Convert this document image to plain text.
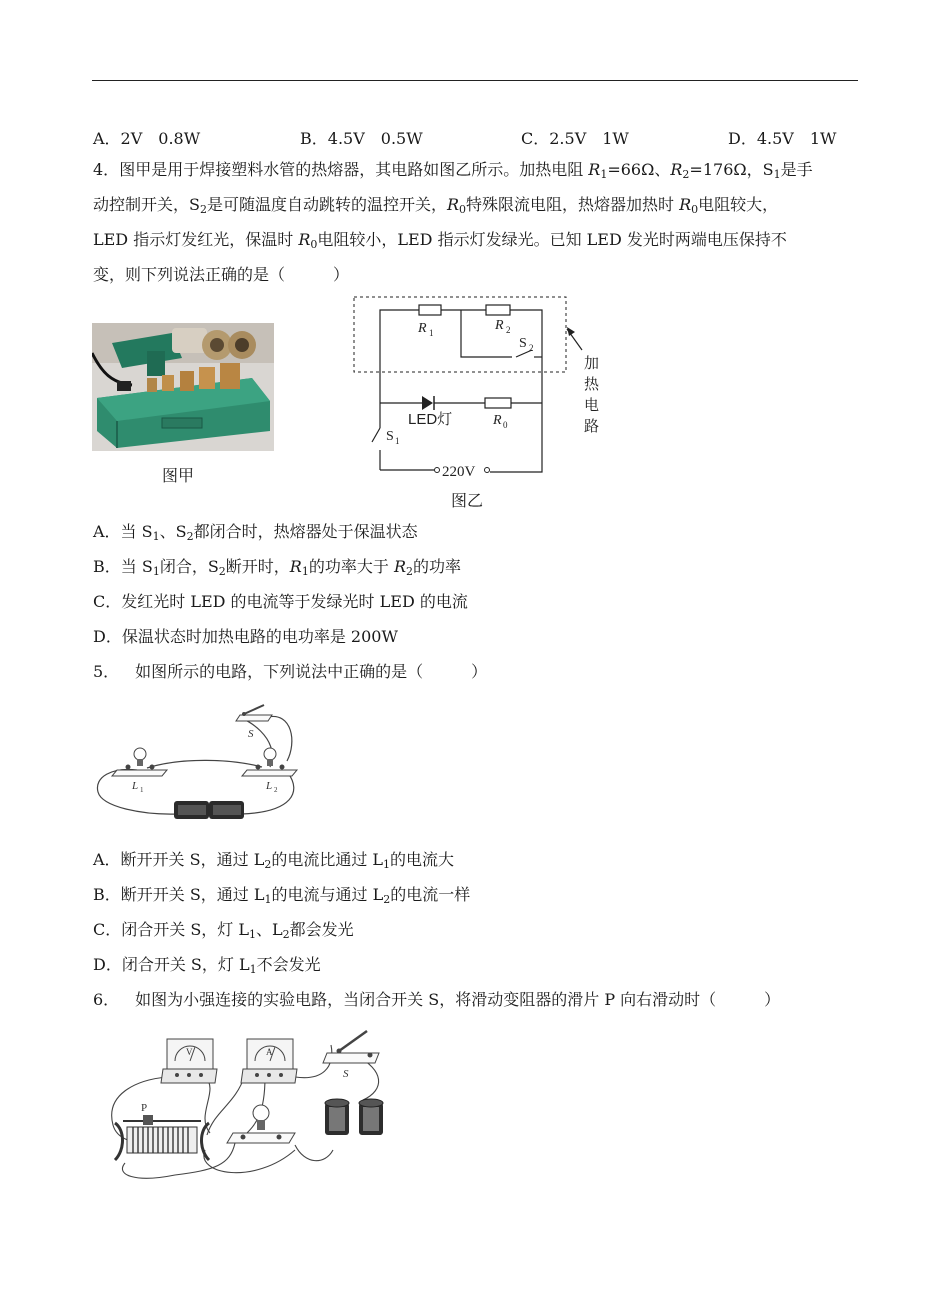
A．2V 0.8W	B．4.5V 0.5W	C．2.5V 1W	D．4.5V 1W
4．图甲是用于焊接塑料水管的热熔器，其电路如图乙所示。加热电阻 $R_1=66\Omega$、$R_2=176\Omega$，$S_1$是手
动控制开关，$S_2$是可随温度自动跳转的温控开关，$R_0$特殊限流电阻，热熔器加热时 $R_0$电阻较大，
LED 指示灯发红光，保温时 $R_0$电阻较小，LED 指示灯发绿光。已知 LED 发光时两端电压保持不
变，则下列说法正确的是（　　　）
图甲
R 1	R 2
S 2
LED灯	R 0
S 1
220V
加
热
电
路
图乙
A．当 $S_1$、$S_2$都闭合时，热熔器处于保温状态
B．当 $S_1$闭合，$S_2$断开时，$R_1$的功率大于 $R_2$的功率
C．发红光时 LED 的电流等于发绿光时 LED 的电流
D．保温状态时加热电路的电功率是 200W
5． 如图所示的电路，下列说法中正确的是（　　　）
L 1	L 2
S
A．断开开关 S，通过 $L_2$的电流比通过 $L_1$的电流大
B．断开开关 S，通过 $L_1$的电流与通过 $L_2$的电流一样
C．闭合开关 S，灯 $L_1$、$L_2$都会发光
D．闭合开关 S，灯 $L_1$不会发光
6． 如图为小强连接的实验电路，当闭合开关 S，将滑动变阻器的滑片 P 向右滑动时（　　　）
V	A
S
P
